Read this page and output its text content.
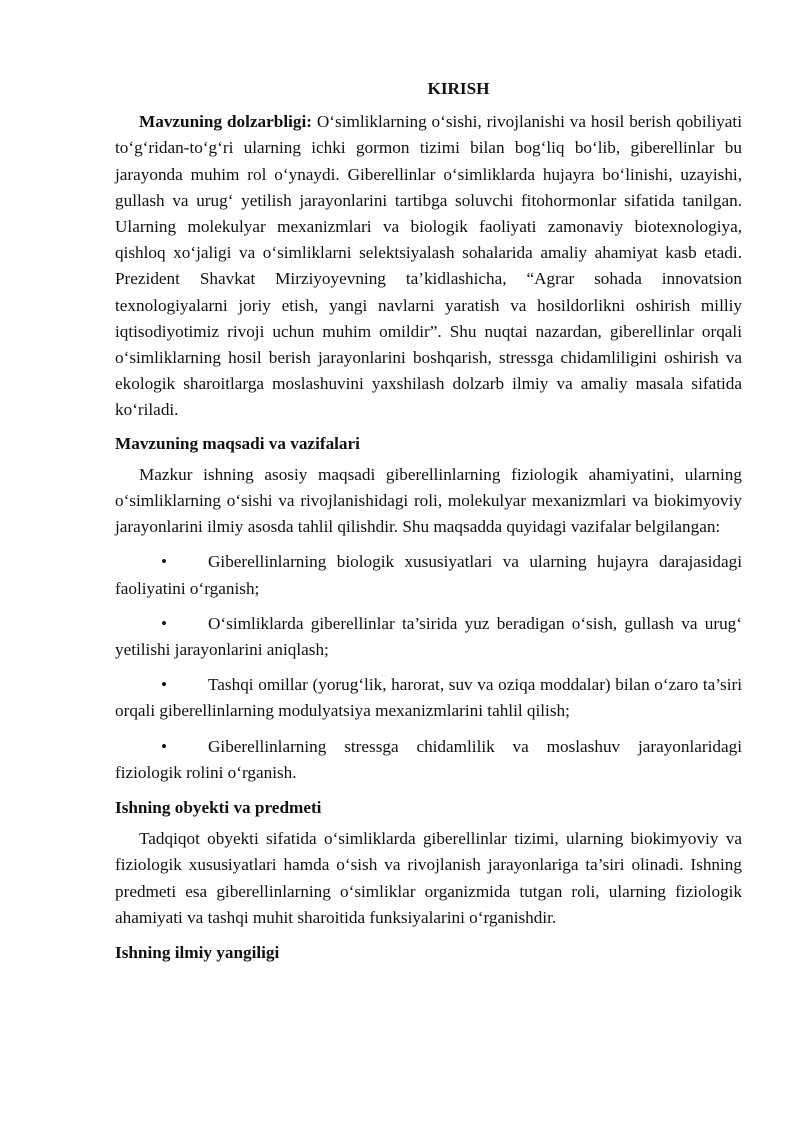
KIRISH

Mavzuning dolzarbligi: O‘simliklarning o‘sishi, rivojlanishi va hosil berish qobiliyati to‘g‘ridan-to‘g‘ri ularning ichki gormon tizimi bilan bog‘liq bo‘lib, giberellinlar bu jarayonda muhim rol o‘ynaydi. Giberellinlar o‘simliklarda hujayra bo‘linishi, uzayishi, gullash va urug‘ yetilish jarayonlarini tartibga soluvchi fitohormonlar sifatida tanilgan. Ularning molekulyar mexanizmlari va biologik faoliyati zamonaviy biotexnologiya, qishloq xo‘jaligi va o‘simliklarni selektsiyalash sohalarida amaliy ahamiyat kasb etadi. Prezident Shavkat Mirziyoyevning ta’kidlashicha, “Agrar sohada innovatsion texnologiyalarni joriy etish, yangi navlarni yaratish va hosildorlikni oshirish milliy iqtisodiyotimiz rivoji uchun muhim omildir”. Shu nuqtai nazardan, giberellinlar orqali o‘simliklarning hosil berish jarayonlarini boshqarish, stressga chidamliligini oshirish va ekologik sharoitlarga moslashuvini yaxshilash dolzarb ilmiy va amaliy masala sifatida ko‘riladi.

Mavzuning maqsadi va vazifalari

Mazkur ishning asosiy maqsadi giberellinlarning fiziologik ahamiyatini, ularning o‘simliklarning o‘sishi va rivojlanishidagi roli, molekulyar mexanizmlari va biokimyoviy jarayonlarini ilmiy asosda tahlil qilishdir. Shu maqsadda quyidagi vazifalar belgilangan:

• Giberellinlarning biologik xususiyatlari va ularning hujayra darajasidagi faoliyatini o‘rganish;

• O‘simliklarda giberellinlar ta’sirida yuz beradigan o‘sish, gullash va urug‘ yetilishi jarayonlarini aniqlash;

• Tashqi omillar (yorug‘lik, harorat, suv va oziqa moddalar) bilan o‘zaro ta’siri orqali giberellinlarning modulyatsiya mexanizmlarini tahlil qilish;

• Giberellinlarning stressga chidamlilik va moslashuv jarayonlaridagi fiziologik rolini o‘rganish.

Ishning obyekti va predmeti

Tadqiqot obyekti sifatida o‘simliklarda giberellinlar tizimi, ularning biokimyoviy va fiziologik xususiyatlari hamda o‘sish va rivojlanish jarayonlariga ta’siri olinadi. Ishning predmeti esa giberellinlarning o‘simliklar organizmida tutgan roli, ularning fiziologik ahamiyati va tashqi muhit sharoitida funksiyalarini o‘rganishdir.

Ishning ilmiy yangiligi
